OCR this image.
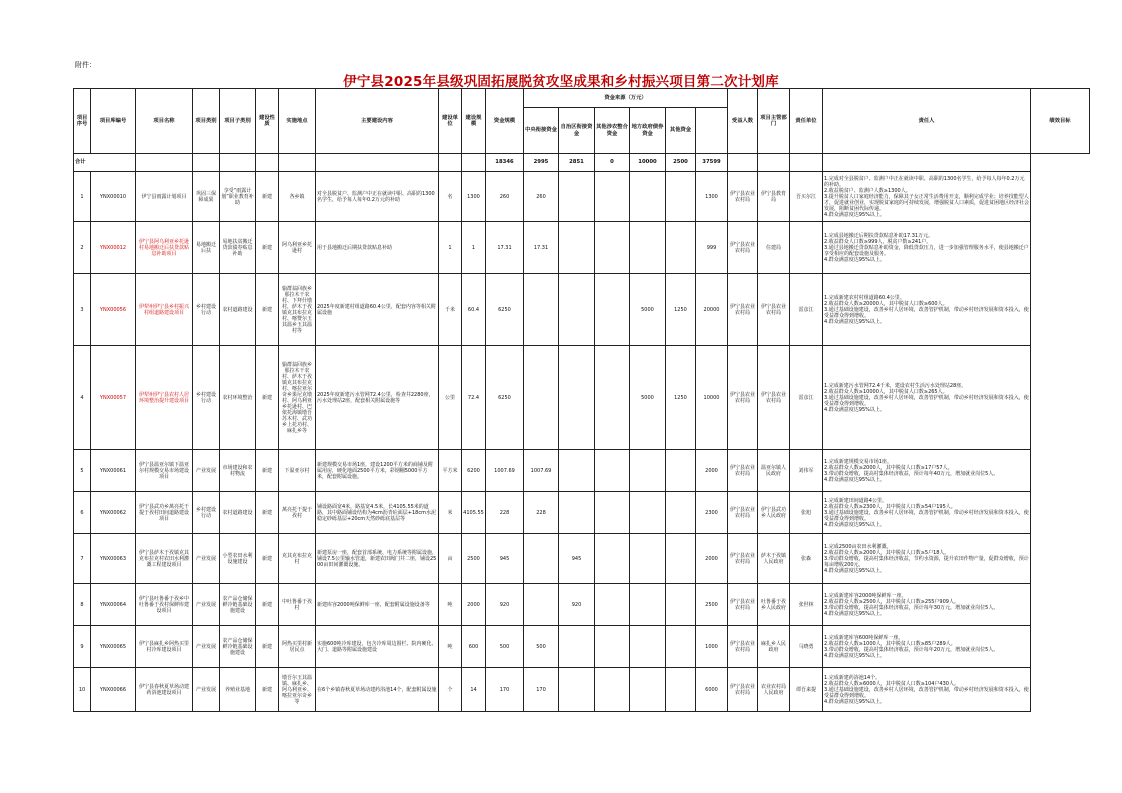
附件：
伊宁县2025年县级巩固拓展脱贫攻坚成果和乡村振兴项目第二次计划库
项目序号	项目库编号	项目名称	项目类别	项目子类别	建设性质	实施地点	主要建设内容	建设单位	建设规模	资金规模	资金来源（万元）						受益人数	项目主管部门	责任单位	责任人	绩效目标
											中央衔接资金	自治区衔接资金	其他涉农整合资金	地方政府债券资金	其他资金						
合计										18346	2995	2851	0	10000	2500	37599					
1	YNX00010	伊宁县雨露计划项目	巩固三保障成果	享受“雨露计划”职业教育补助	新建	各乡镇	对全县脱贫户、监测户中正在就读中职、高职的1300名学生，给予每人每年0.2万元的补助	名	1300	260	260					1300	伊宁县农业农村局	伊宁县教育局	吾买尔江	1.完成对全县脱贫户、监测户中正在就读中职、高职的1300名学生，给予每人每年0.2万元的补助。
2.收益脱贫户、监测户人数≥1300人。
3.提升脱贫人口家庭经济能力，保障其子女正常生活费用开支，顺利完成学业；培养技能型人才，促进就业创业，实现脱贫家庭的可持续发展，增强脱贫人口素质，促进贫困地区经济社会发展，阻断贫困代际传递。
4.群众满意度达95%以上。	
2	YNX00012	伊宁县阿乌利亚乡托逊村易地搬迁后扶贷款贴息补助项目	易地搬迁后扶	易地扶贫搬迁贷款债券贴息补助	新建	阿乌利亚乡托逊村	用于县地搬迁后期扶贷款贴息补助	1	1	17.31	17.31					999	伊宁县农业农村局	住建局		1.完成县地搬迁后期扶贷款贴息补助17.31万元。
2.收益群众人口数≥999人，脱贫户数≥241户。
3.通过县地搬迁贷款贴息补助资金，降低贷款压力，进一步加强管理服务水平，使县地搬迁户享受相应的配套设施及服务。
4.群众满意度达95%以上。	
3	YNX00056	伊犁州伊宁县乡村振兴村组道路建设项目	乡村建设行动	农村道路建设	新建	愉群翁回族乡那拉木干农村、下拜什墩村，萨木于孜镇克其布拉克村、喀赞尔玉其温乡玉其温村等	2025年度新建村组道路60.4公里，配套内容等相关附属设施	千米	60.4	6250				5000	1250	20000	伊宁县农业农村局	伊宁县农业农村局	雷彦江	1.完成新建农村村组道路60.4公里。
2.收益群众人数≥20000人，其中脱贫人口数≥600人。
3.通过基础设施建设，改善乡村人居环境，改善管护机制，带动乡村经济发展和资本投入，使受益群众得到增收。
4.群众满意度达95%以上。	
4	YNX00057	伊犁州伊宁县农村人居环境整治提升建设项目	乡村建设行动	农村环境整治	新建	愉群翁回族乡那拉木干农村、萨木于孜镇克其布拉克村、喀拉亚尔奇乡果尼克墩村、阿乌利亚乡托逊村、巴依托海镇墩吾苏木村、武功乡上托功村、麻扎乡等	2025年度新建污水管网72.4公里，检查井2280座，污水处理站2座，配套相关附属设施等	公里	72.4	6250				5000	1250	10000	伊宁县农业农村局	伊宁县农业农村局	雷彦江	1.完成新建污水管网72.4千米，建设农村生活污水处理站28座。
2.收益群众人数≥10000人，其中脱贫人口数≥265人。
3.通过基础设施建设，改善乡村人居环境，改善管护机制，带动乡村经济发展和资本投入，使受益群众得到增收。
4.群众满意度达95%以上。	
5	YNX00061	伊宁县温亚尔镇下温亚尔村规模交易市场建设项目	产业发展	市场建设和农村物流	新建	下温亚尔村	新建规模交易市场1座，建设1200平方米的商铺及附属用房，硬化地面2500平方米，彩钢棚5000平方米，配套附属设施。	平方米	6200	1007.69	1007.69					2000	伊宁县农业农村局	温亚尔镇人民政府	刘伟军	1.完成新建规模交易市场1座。
2.收益群众人数≥2000人，其中脱贫人口数≥17户57人。
3.带动群众增收，提高村集体经济收益，预计每年40万元，增加就业岗位5人。
4.群众满意度达95%以上。	
6	YNX00062	伊宁县武功乡萬亮托干提于孜村田间道路建设项目	乡村建设行动	农村道路建设	新建	萬亮托干提于孜村	铺设路面宽4米，路基宽4.5米，长4105.55米的道路，其中路面铺设结构为4cm沥青砼面层+18cm水泥稳定砂砾基层+20cm天然砂砾底基层等	米	4105.55	228	228					2300	伊宁县农业农村局	伊宁县武功乡人民政府	张旭	1.完成新建田间道路4公里。
2.收益群众人数≥2300人，其中脱贫人口数≥54户195人。
3.通过基础设施建设，改善乡村人居环境，改善管护机制，带动乡村经济发展和资本投入，使受益群众得到增收。
4.群众满意度达95%以上。	
7	YNX00063	伊宁县萨木于孜镇克其克布拉克村农田水利灌溉工程建设项目	产业发展	小型农田水利设施建设	新建	克其克布拉克村	新建泵房一座，配套首部系统、电力系统等附属设施，铺设7.5公里输水管道，新建农田阀门井二座，铺设2500亩田间灌溉设施。	亩	2500	945		945				2000	伊宁县农业农村局	萨木于孜镇人民政府	张森	1.完成2500亩农田水利灌溉。
2.收益群众人数≥2000人，其中脱贫人口数≥5户18人。
3.带动群众增收，提高村集体经济收益，节约水资源，提升农田作物产量，促群众增收，预计每亩增收200元。
4.群众满意度达95%以上。	
8	YNX00064	伊宁县吐鲁番于孜乡中吐鲁番于孜村保鲜库建设项目	产业发展	农产品仓储保鲜冷链基础设施建设	新建	中吐鲁番于孜村	新建库容2000吨保鲜库一座，配套附属设施设备等	吨	2000	920		920				2500	伊宁县农业农村局	吐鲁番于孜乡人民政府	张世林	1.完成新建库容2000吨保鲜库一座。
2.收益群众人数≥2500人，其中脱贫人口数≥255户909人。
3.带动群众增收，提高村集体经济收益，预计每年30万元，增加就业岗位5人。
4.群众满意度达95%以上。	
9	YNX00065	伊宁县麻扎乡阿热买里村冷库建设项目	产业发展	农产品仓储保鲜冷链基础设施建设	新建	阿热买里村新居民点	实施600吨冷库建设，包含冷库周边围栏、院内硬化、大门、道路等附属设施建设	吨	600	500	500					1000	伊宁县农业农村局	麻扎乡人民政府	马晓勇	1.完成新建库容600吨保鲜库一座。
2.收益群众人数≥1000人，其中脱贫人口数≥85户289人。
3.带动群众增收，提高村集体经济收益，预计每年20万元，增加就业岗位5人。
4.群众满意度达95%以上。	
10	YNX00066	伊宁县春秋夏草场动建药浴池建设项目	产业发展	养殖业基地	新建	墩吾尔玉其温镇、麻扎乡、阿乌利亚乡、喀拉亚尔奇乡等	在6个乡镇春秋夏草场动建药浴池14个，配套附属设施	个	14	170	170					6000	伊宁县农业农村局	农业农村局人民政府	谭吾来提	1.完成新建药浴池14个。
2.收益群众人数≥6000人，其中脱贫人口数≥104户430人。
3.通过基础设施建设，改善乡村人居环境，改善管护机制，带动乡村经济发展和资本投入，使受益群众得到增收。
4.群众满意度达95%以上。	
